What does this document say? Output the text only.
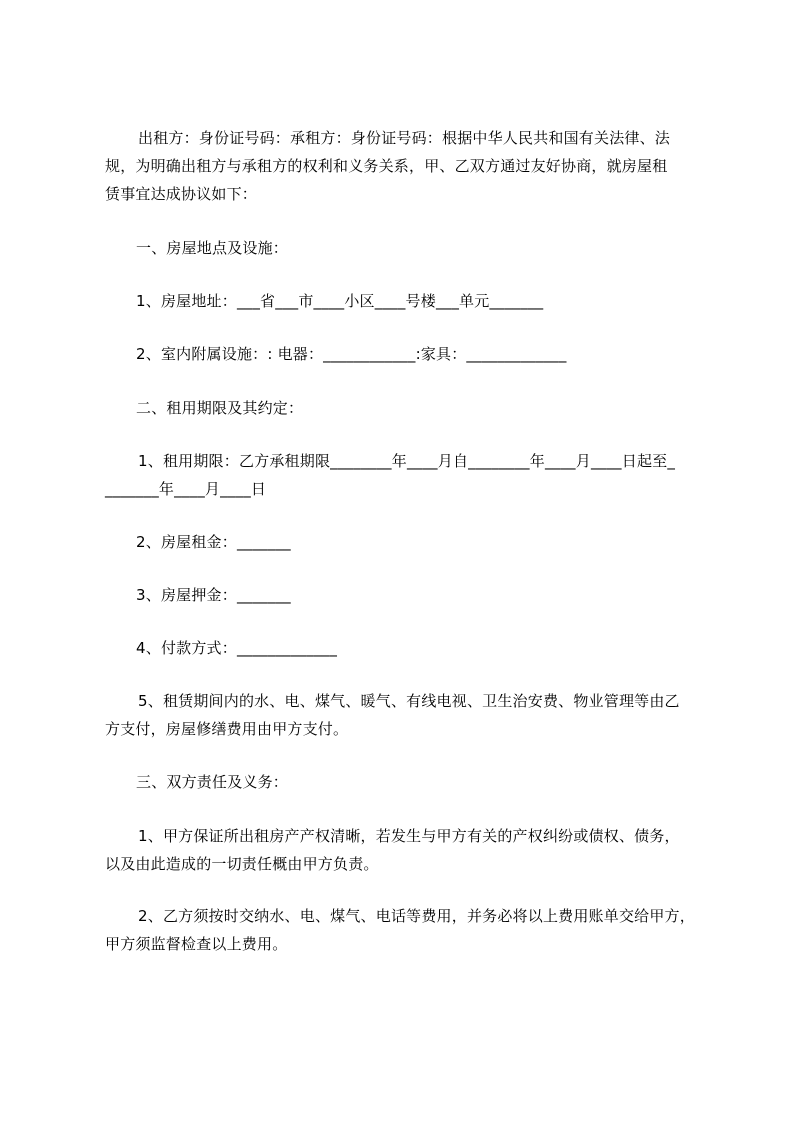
出租方：身份证号码：承租方：身份证号码：根据中华人民共和国有关法律、法

规，为明确出租方与承租方的权利和义务关系，甲、乙双方通过友好协商，就房屋租

赁事宜达成协议如下：

一、房屋地点及设施：

1、房屋地址：___省___市____小区____号楼___单元_______

2、室内附属设施：: 电器：____________:家具：_____________

二、租用期限及其约定：

1、租用期限：乙方承租期限________年____月自________年____月____日起至_

_______年____月____日

2、房屋租金：_______

3、房屋押金：_______

4、付款方式：_____________

5、租赁期间内的水、电、煤气、暖气、有线电视、卫生治安费、物业管理等由乙

方支付，房屋修缮费用由甲方支付。

三、双方责任及义务：

1、甲方保证所出租房产产权清晰，若发生与甲方有关的产权纠纷或债权、债务，

以及由此造成的一切责任概由甲方负责。

2、乙方须按时交纳水、电、煤气、电话等费用，并务必将以上费用账单交给甲方，

甲方须监督检查以上费用。
